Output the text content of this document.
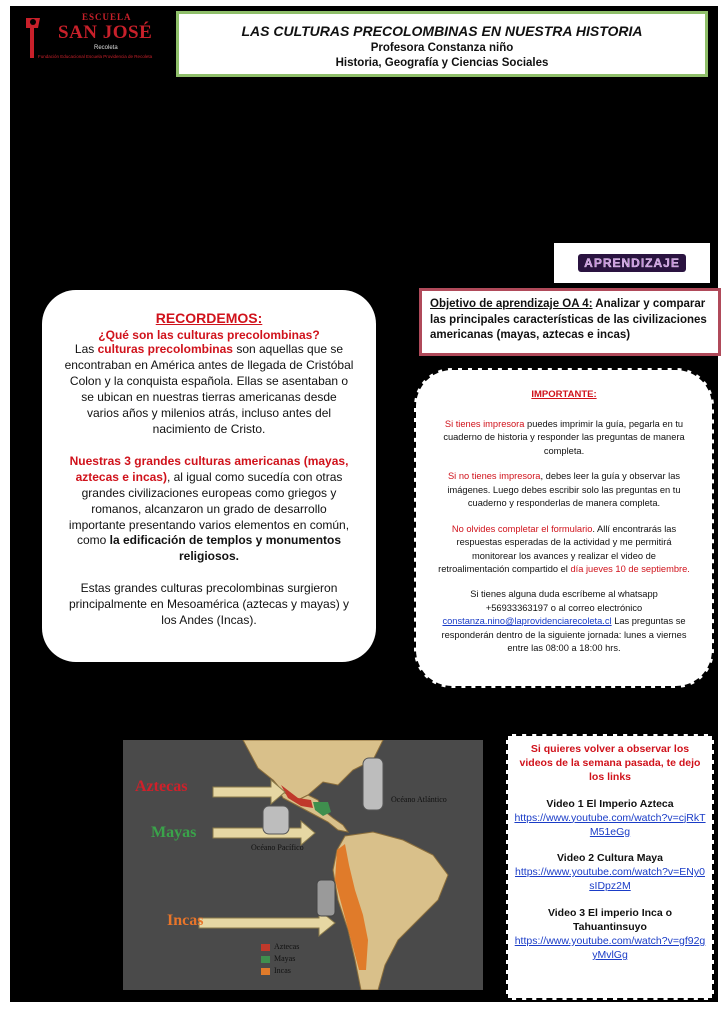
ESCUELA
SAN JOSÉ
Recoleta
Fundación Educacional Escuela Providencia de Recoleta
LAS CULTURAS PRECOLOMBINAS EN NUESTRA HISTORIA
Profesora Constanza niño
Historia, Geografía y Ciencias Sociales
APRENDIZAJE
Objetivo de aprendizaje OA 4: Analizar y comparar las principales características de las civilizaciones americanas (mayas, aztecas e incas)
RECORDEMOS:
¿Qué son las culturas precolombinas?

Las culturas precolombinas son aquellas que se encontraban en América antes de llegada de Cristóbal Colon y la conquista española. Ellas se asentaban o se ubican en nuestras tierras americanas desde varios años y milenios atrás, incluso antes del nacimiento de Cristo.

Nuestras 3 grandes culturas americanas (mayas, aztecas e incas), al igual como sucedía con otras grandes civilizaciones europeas como griegos y romanos, alcanzaron un grado de desarrollo importante presentando varios elementos en común, como la edificación de templos y monumentos religiosos.

Estas grandes culturas precolombinas surgieron principalmente en Mesoamérica (aztecas y mayas) y los Andes (Incas).

IMPORTANTE:

Si tienes impresora puedes imprimir la guía, pegarla en tu cuaderno de historia y responder las preguntas de manera completa.

Si no tienes impresora, debes leer la guía y observar las imágenes. Luego debes escribir solo las preguntas en tu cuaderno y responderlas de manera completa.

No olvides completar el formulario. Allí encontrarás las respuestas esperadas de la actividad y me permitirá monitorear los avances y realizar el video de retroalimentación compartido el día jueves 10 de septiembre.

Si tienes alguna duda escríbeme al whatsapp +56933363197 o al correo electrónico constanza.nino@laprovidenciarecoleta.cl Las preguntas se responderán dentro de la siguiente jornada: lunes a viernes entre las 08:00 a 18:00 hrs.

Aztecas
Mayas
Incas
Océano Atlántico
Océano Pacífico
Aztecas
Mayas
Incas
Si quieres volver a observar los videos de la semana pasada, te dejo los links
Video 1 El Imperio Azteca
https://www.youtube.com/watch?v=cjRkTM51eGg
Video 2 Cultura Maya
https://www.youtube.com/watch?v=ENy0sIDpz2M
Video 3 El imperio Inca o Tahuantinsuyo
https://www.youtube.com/watch?v=gf92gyMvlGg
